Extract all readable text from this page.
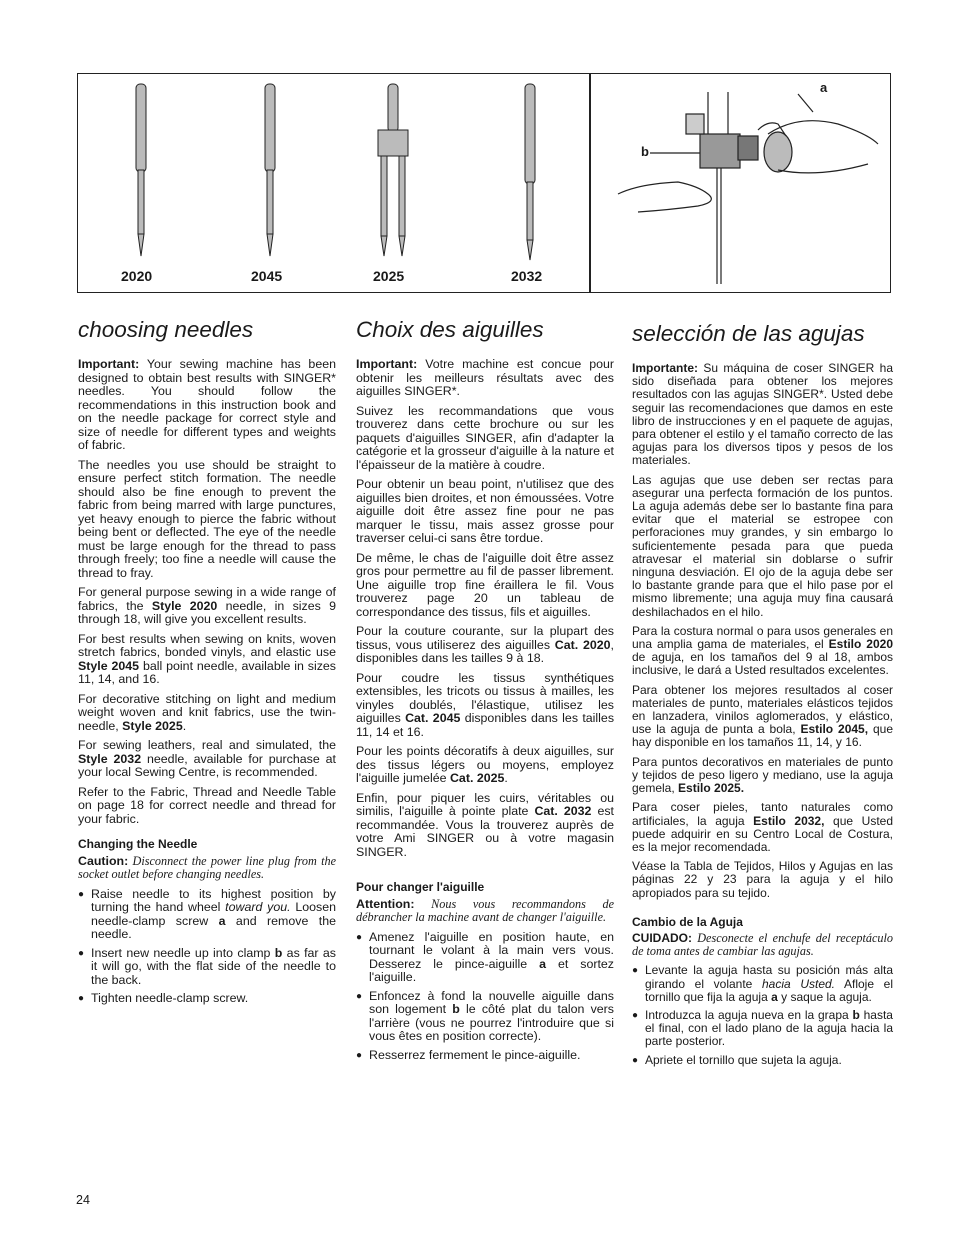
2020	2045	2025	2032
a
b
choosing needles

Important: Your sewing machine has been designed to obtain best results with SINGER* needles. You should follow the recommendations in this instruction book and on the needle package for correct style and size of needle for different types and weights of fabric.

The needles you use should be straight to ensure perfect stitch formation. The needle should also be fine enough to prevent the fabric from being marred with large punctures, yet heavy enough to pierce the fabric without being bent or deflected. The eye of the needle must be large enough for the thread to pass through freely; too fine a needle will cause the thread to fray.

For general purpose sewing in a wide range of fabrics, the Style 2020 needle, in sizes 9 through 18, will give you excellent results.

For best results when sewing on knits, woven stretch fabrics, bonded vinyls, and elastic use Style 2045 ball point needle, available in sizes 11, 14, and 16.

For decorative stitching on light and medium weight woven and knit fabrics, use the twin-needle, Style 2025.

For sewing leathers, real and simulated, the Style 2032 needle, available for purchase at your local Sewing Centre, is recommended.

Refer to the Fabric, Thread and Needle Table on page 18 for correct needle and thread for your fabric.

Changing the Needle

Caution: Disconnect the power line plug from the socket outlet before changing needles.

● Raise needle to its highest position by turning the hand wheel toward you. Loosen needle-clamp screw a and remove the needle.
● Insert new needle up into clamp b as far as it will go, with the flat side of the needle to the back.
● Tighten needle-clamp screw.
Choix des aiguilles

Important: Votre machine est concue pour obtenir les meilleurs résultats avec des aiguilles SINGER*.

Suivez les recommandations que vous trouverez dans cette brochure ou sur les paquets d'aiguilles SINGER, afin d'adapter la catégorie et la grosseur d'aiguille à la nature et l'épaisseur de la matière à coudre.

Pour obtenir un beau point, n'utilisez que des aiguilles bien droites, et non émoussées. Votre aiguille doit être assez fine pour ne pas marquer le tissu, mais assez grosse pour traverser celui-ci sans être tordue.

De même, le chas de l'aiguille doit être assez gros pour permettre au fil de passer librement. Une aiguille trop fine éraillera le fil. Vous trouverez page 20 un tableau de correspondance des tissus, fils et aiguilles.

Pour la couture courante, sur la plupart des tissus, vous utiliserez des aiguilles Cat. 2020, disponibles dans les tailles 9 à 18.

Pour coudre les tissus synthétiques extensibles, les tricots ou tissus à mailles, les vinyles doublés, l'élastique, utilisez les aiguilles Cat. 2045 disponibles dans les tailles 11, 14 et 16.

Pour les points décoratifs à deux aiguilles, sur des tissus légers ou moyens, employez l'aiguille jumelée Cat. 2025.

Enfin, pour piquer les cuirs, véritables ou similis, l'aiguille à pointe plate Cat. 2032 est recommandée. Vous la trouverez auprès de votre Ami SINGER ou à votre magasin SINGER.

Pour changer l'aiguille

Attention: Nous vous recommandons de débrancher la machine avant de changer l'aiguille.

● Amenez l'aiguille en position haute, en tournant le volant à la main vers vous. Desserez le pince-aiguille a et sortez l'aiguille.
● Enfoncez à fond la nouvelle aiguille dans son logement b le côté plat du talon vers l'arrière (vous ne pourrez l'introduire que si vous êtes en position correcte).
● Resserrez fermement le pince-aiguille.
selección de las agujas

Importante: Su máquina de coser SINGER ha sido diseñada para obtener los mejores resultados con las agujas SINGER*. Usted debe seguir las recomendaciones que damos en este libro de instrucciones y en el paquete de agujas, para obtener el estilo y el tamaño correcto de las agujas para los diversos tipos y pesos de los materiales.

Las agujas que use deben ser rectas para asegurar una perfecta formación de los puntos. La aguja además debe ser lo bastante fina para evitar que el material se estropee con perforaciones muy grandes, y sin embargo lo suficientemente pesada para que pueda atravesar el material sin doblarse o sufrir ninguna desviación. El ojo de la aguja debe ser lo bastante grande para que el hilo pase por el mismo libremente; una aguja muy fina causará deshilachados en el hilo.

Para la costura normal o para usos generales en una amplia gama de materiales, el Estilo 2020 de aguja, en los tamaños del 9 al 18, ambos inclusive, le dará a Usted resultados excelentes.

Para obtener los mejores resultados al coser materiales de punto, materiales elásticos tejidos en lanzadera, vinilos aglomerados, y elástico, use la aguja de punta a bola, Estilo 2045, que hay disponible en los tamaños 11, 14, y 16.

Para puntos decorativos en materiales de punto y tejidos de peso ligero y mediano, use la aguja gemela, Estilo 2025.

Para coser pieles, tanto naturales como artificiales, la aguja Estilo 2032, que Usted puede adquirir en su Centro Local de Costura, es la mejor recomendada.

Véase la Tabla de Tejidos, Hilos y Agujas en las páginas 22 y 23 para la aguja y el hilo apropiados para su tejido.

Cambio de la Aguja

CUIDADO: Desconecte el enchufe del receptáculo de toma antes de cambiar las agujas.

● Levante la aguja hasta su posición más alta girando el volante hacia Usted. Afloje el tornillo que fija la aguja a y saque la aguja.
● Introduzca la aguja nueva en la grapa b hasta el final, con el lado plano de la aguja hacia la parte posterior.
● Apriete el tornillo que sujeta la aguja.
24
